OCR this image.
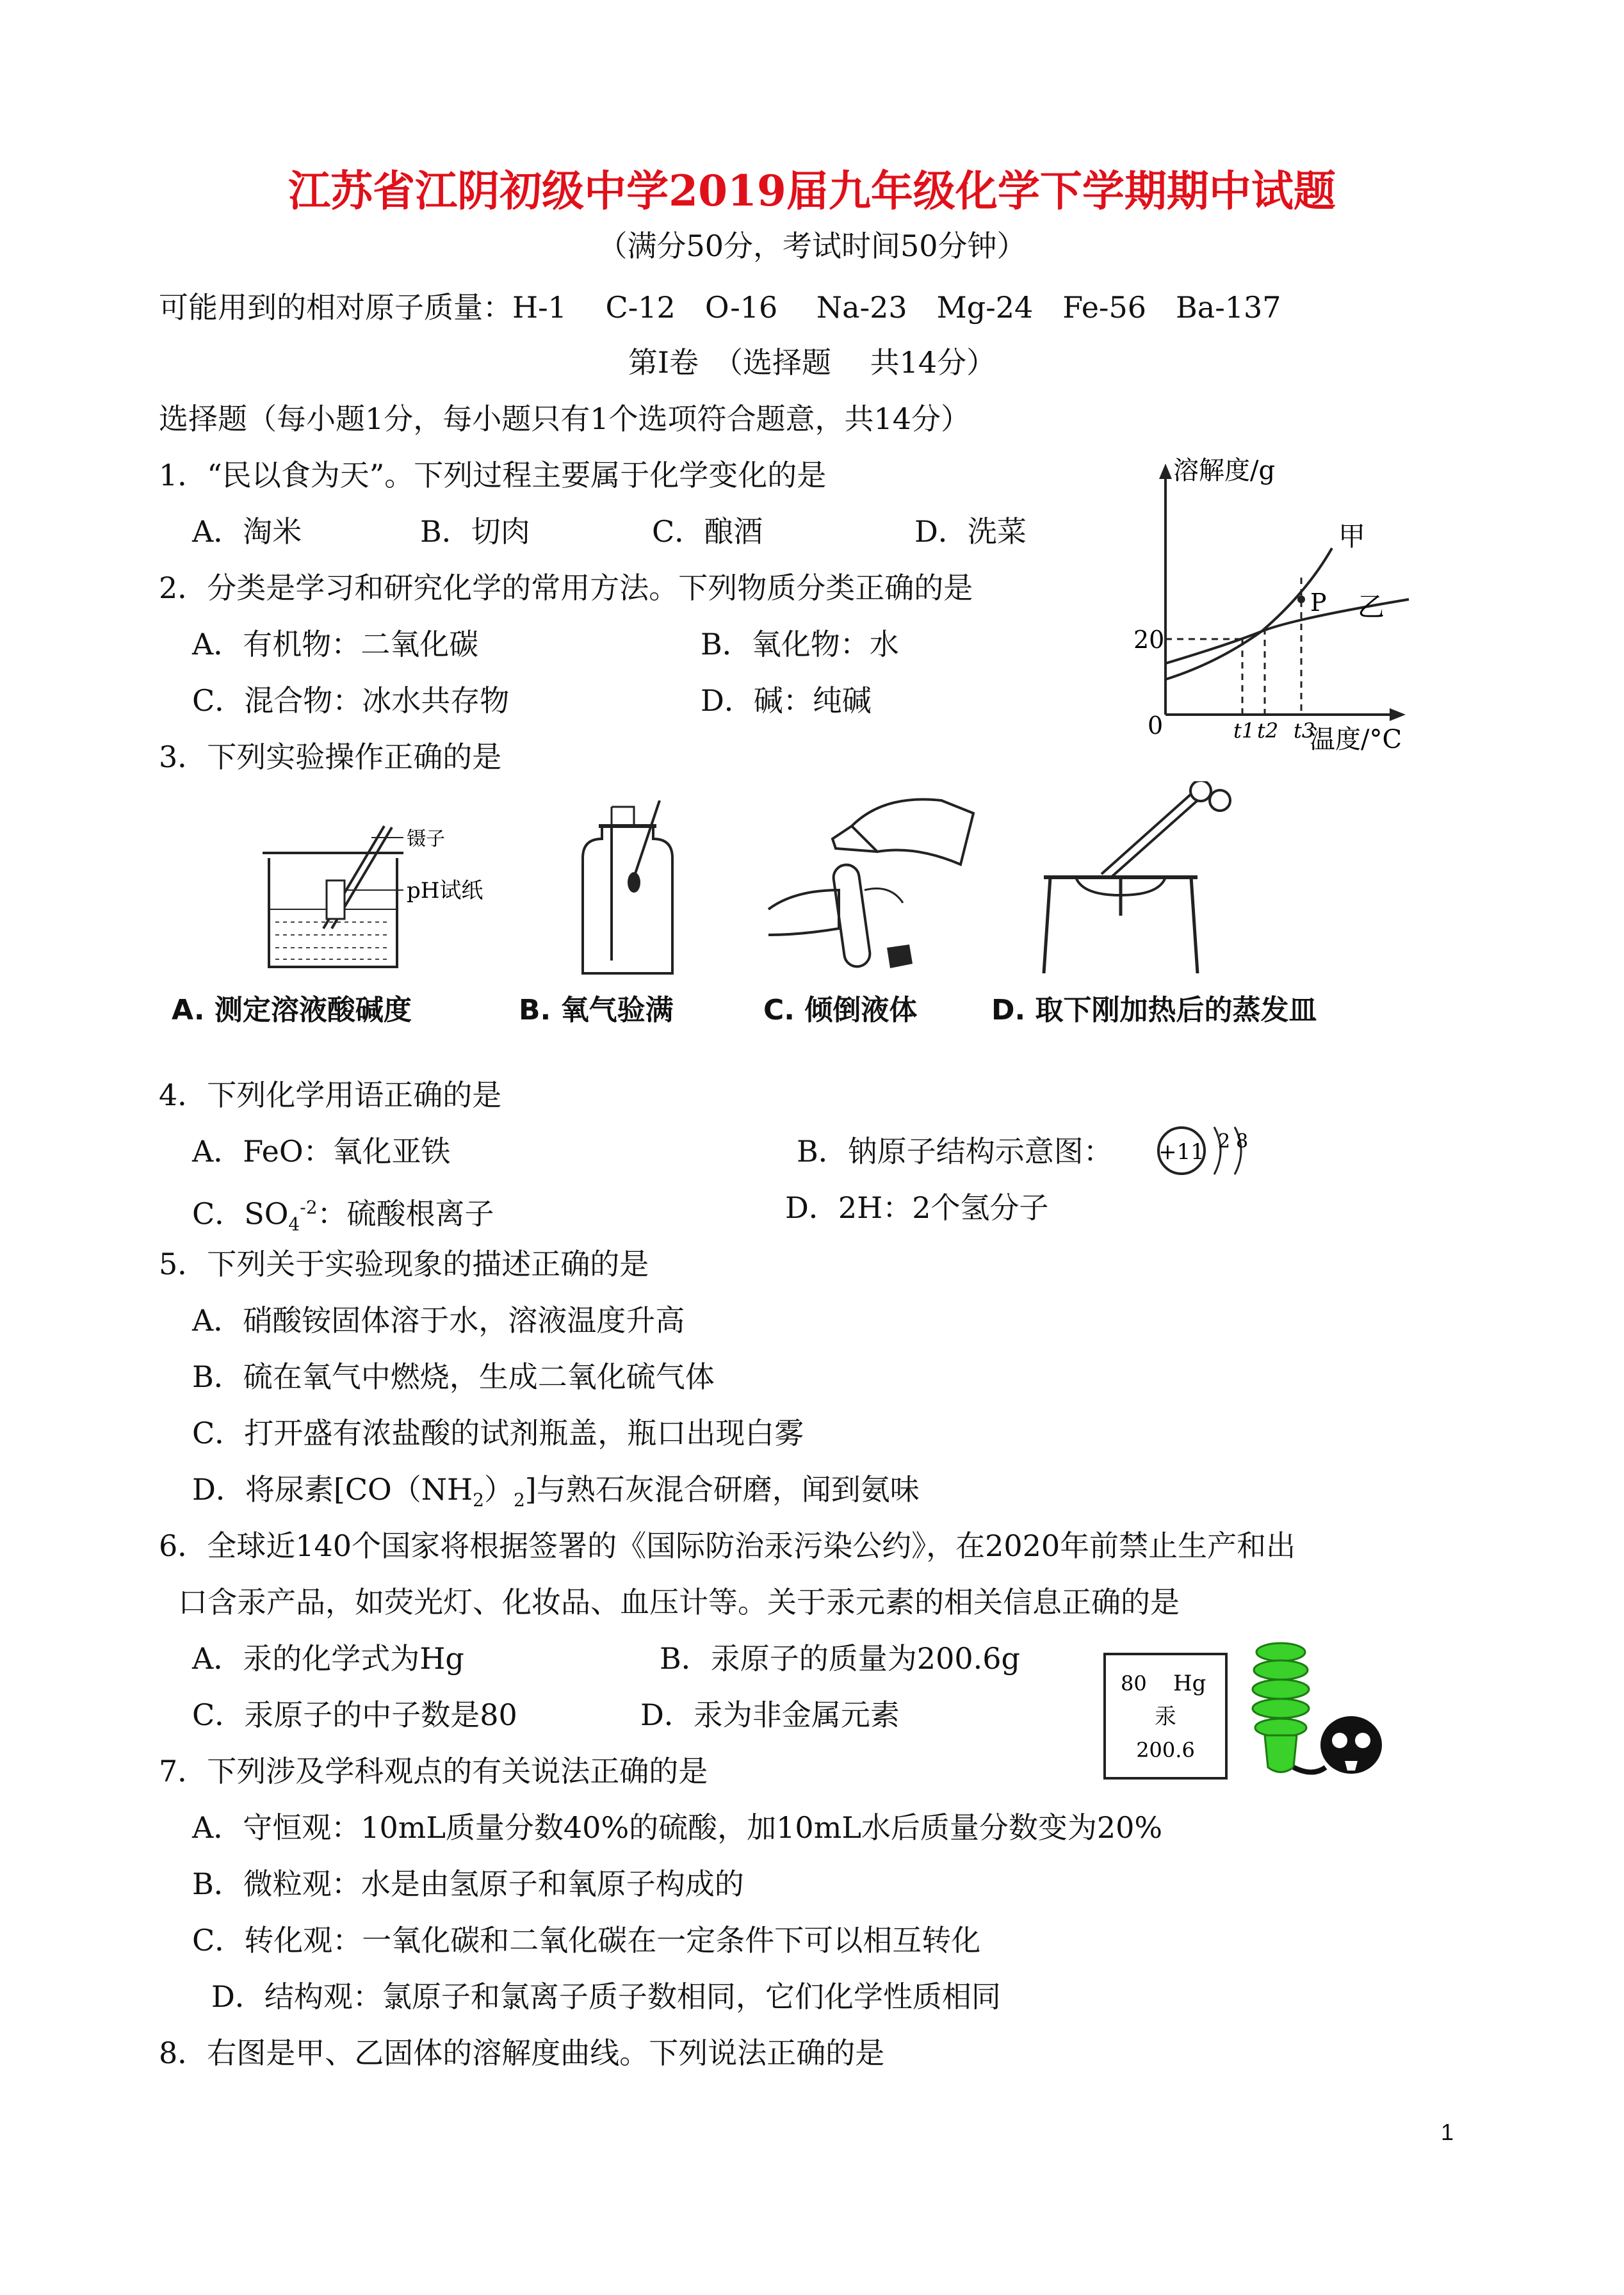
江苏省江阴初级中学2019届九年级化学下学期期中试题
（满分50分，考试时间50分钟）
可能用到的相对原子质量：H-1　 C-12　O-16　 Na-23　Mg-24　Fe-56　Ba-137
第Ⅰ卷　（选择题　 共14分）
选择题（每小题1分，每小题只有1个选项符合题意，共14分）
1．“民以食为天”。下列过程主要属于化学变化的是
A．淘米	B．切肉	C．酿酒	D．洗菜
2．分类是学习和研究化学的常用方法。下列物质分类正确的是
A．有机物：二氧化碳	B．氧化物：水
C．混合物：冰水共存物	D．碱：纯碱
溶解度/g
温度/°C
0
20
t1 t2 t3
甲
乙
P
3．下列实验操作正确的是
镊子
pH试纸
A. 测定溶液酸碱度	B. 氧气验满	C. 倾倒液体	D. 取下刚加热后的蒸发皿
4．下列化学用语正确的是
A．FeO：氧化亚铁	B．钠原子结构示意图： +11 2 8
C．$SO_4^{-2}$：硫酸根离子	D．2H：2个氢分子
5．下列关于实验现象的描述正确的是
A．硝酸铵固体溶于水，溶液温度升高
B．硫在氧气中燃烧，生成二氧化硫气体
C．打开盛有浓盐酸的试剂瓶盖，瓶口出现白雾
D．将尿素$[CO(NH_2)_2]$与熟石灰混合研磨，闻到氨味
6．全球近140个国家将根据签署的《国际防治汞污染公约》，在2020年前禁止生产和出
口含汞产品，如荧光灯、化妆品、血压计等。关于汞元素的相关信息正确的是
A．汞的化学式为Hg	B．汞原子的质量为200.6g
C．汞原子的中子数是80	D．汞为非金属元素
80 Hg
汞
200.6
7．下列涉及学科观点的有关说法正确的是
A．守恒观：10mL质量分数40%的硫酸，加10mL水后质量分数变为20%
B．微粒观：水是由氢原子和氧原子构成的
C．转化观：一氧化碳和二氧化碳在一定条件下可以相互转化
D．结构观：氯原子和氯离子质子数相同，它们化学性质相同
8．右图是甲、乙固体的溶解度曲线。下列说法正确的是
1
